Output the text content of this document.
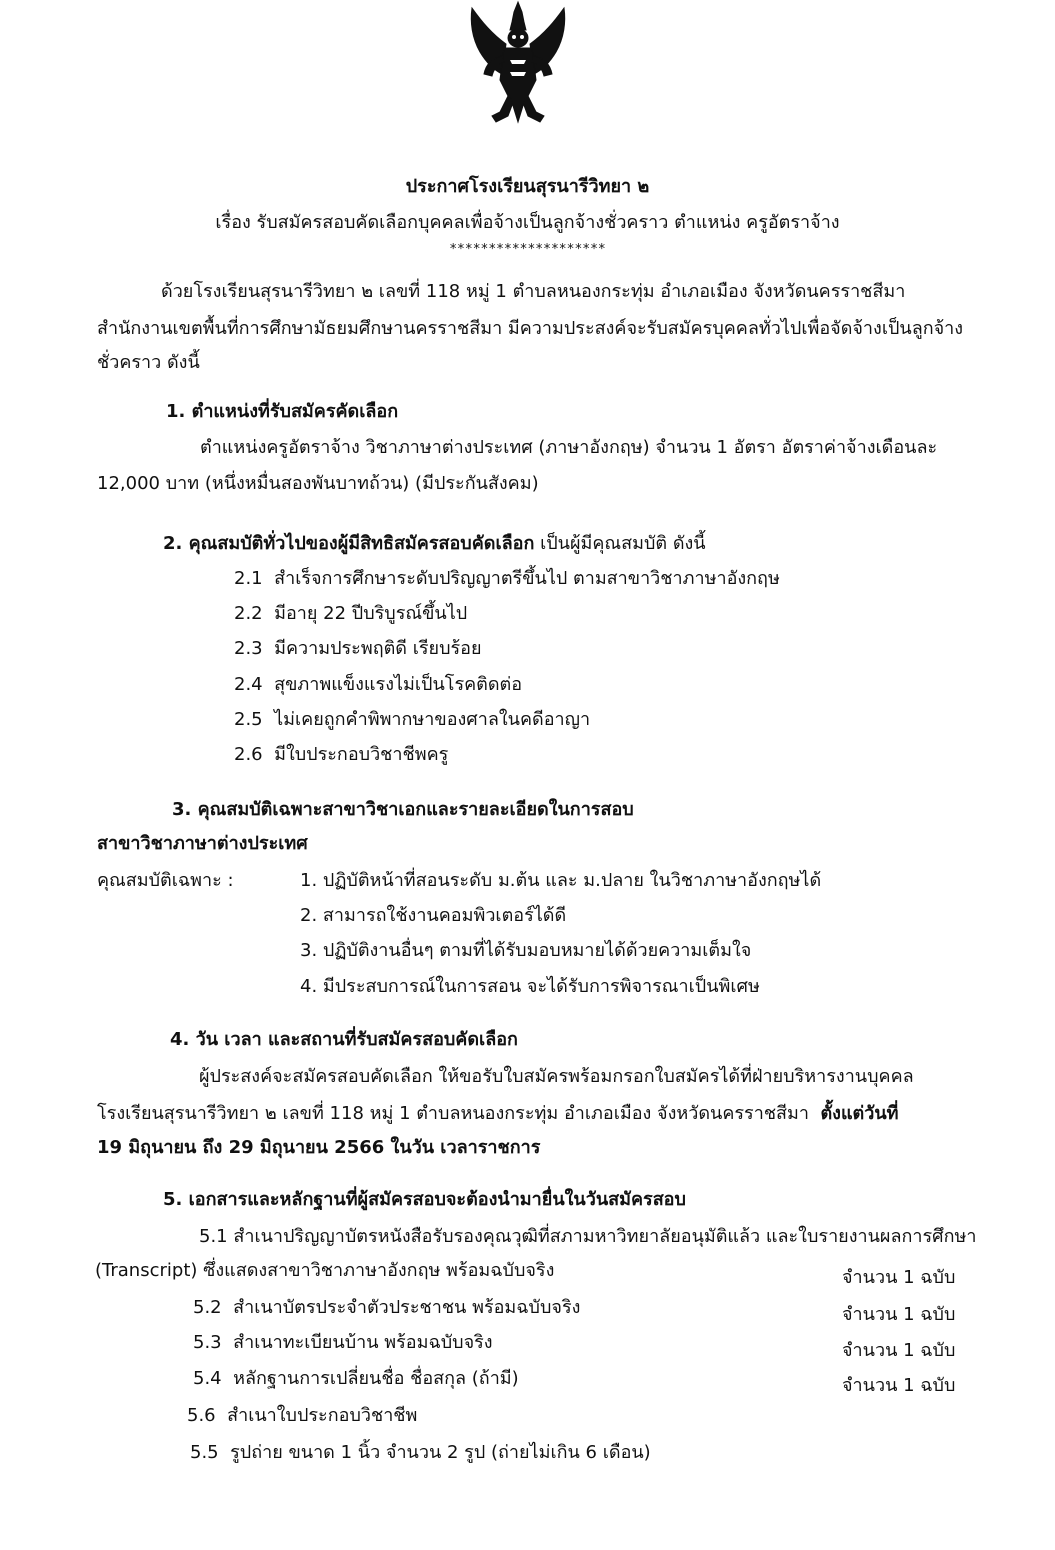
ประกาศโรงเรียนสุรนารีวิทยา ๒
เรื่อง รับสมัครสอบคัดเลือกบุคคลเพื่อจ้างเป็นลูกจ้างชั่วคราว ตำแหน่ง ครูอัตราจ้าง
********************
ด้วยโรงเรียนสุรนารีวิทยา ๒ เลขที่ 118 หมู่ 1 ตำบลหนองกระทุ่ม อำเภอเมือง จังหวัดนครราชสีมา
สำนักงานเขตพื้นที่การศึกษามัธยมศึกษานครราชสีมา มีความประสงค์จะรับสมัครบุคคลทั่วไปเพื่อจัดจ้างเป็นลูกจ้าง
ชั่วคราว ดังนี้
1. ตำแหน่งที่รับสมัครคัดเลือก
ตำแหน่งครูอัตราจ้าง วิชาภาษาต่างประเทศ (ภาษาอังกฤษ) จำนวน 1 อัตรา อัตราค่าจ้างเดือนละ
12,000 บาท (หนึ่งหมื่นสองพันบาทถ้วน) (มีประกันสังคม)
2. คุณสมบัติทั่วไปของผู้มีสิทธิสมัครสอบคัดเลือก เป็นผู้มีคุณสมบัติ ดังนี้
2.1 สำเร็จการศึกษาระดับปริญญาตรีขึ้นไป ตามสาขาวิชาภาษาอังกฤษ
2.2 มีอายุ 22 ปีบริบูรณ์ขึ้นไป
2.3 มีความประพฤติดี เรียบร้อย
2.4 สุขภาพแข็งแรงไม่เป็นโรคติดต่อ
2.5 ไม่เคยถูกคำพิพากษาของศาลในคดีอาญา
2.6 มีใบประกอบวิชาชีพครู
3. คุณสมบัติเฉพาะสาขาวิชาเอกและรายละเอียดในการสอบ
สาขาวิชาภาษาต่างประเทศ
คุณสมบัติเฉพาะ :	1. ปฏิบัติหน้าที่สอนระดับ ม.ต้น และ ม.ปลาย ในวิชาภาษาอังกฤษได้
2. สามารถใช้งานคอมพิวเตอร์ได้ดี
3. ปฏิบัติงานอื่นๆ ตามที่ได้รับมอบหมายได้ด้วยความเต็มใจ
4. มีประสบการณ์ในการสอน จะได้รับการพิจารณาเป็นพิเศษ
4. วัน เวลา และสถานที่รับสมัครสอบคัดเลือก
ผู้ประสงค์จะสมัครสอบคัดเลือก ให้ขอรับใบสมัครพร้อมกรอกใบสมัครได้ที่ฝ่ายบริหารงานบุคคล
โรงเรียนสุรนารีวิทยา ๒ เลขที่ 118 หมู่ 1 ตำบลหนองกระทุ่ม อำเภอเมือง จังหวัดนครราชสีมา ตั้งแต่วันที่
19 มิถุนายน ถึง 29 มิถุนายน 2566 ในวัน เวลาราชการ
5. เอกสารและหลักฐานที่ผู้สมัครสอบจะต้องนำมายื่นในวันสมัครสอบ
5.1 สำเนาปริญญาบัตรหนังสือรับรองคุณวุฒิที่สภามหาวิทยาลัยอนุมัติแล้ว และใบรายงานผลการศึกษา
(Transcript) ซึ่งแสดงสาขาวิชาภาษาอังกฤษ พร้อมฉบับจริง	จำนวน 1 ฉบับ
5.2 สำเนาบัตรประจำตัวประชาชน พร้อมฉบับจริง	จำนวน 1 ฉบับ
5.3 สำเนาทะเบียนบ้าน พร้อมฉบับจริง	จำนวน 1 ฉบับ
5.4 หลักฐานการเปลี่ยนชื่อ ชื่อสกุล (ถ้ามี)	จำนวน 1 ฉบับ
5.6 สำเนาใบประกอบวิชาชีพ
5.5 รูปถ่าย ขนาด 1 นิ้ว จำนวน 2 รูป (ถ่ายไม่เกิน 6 เดือน)
